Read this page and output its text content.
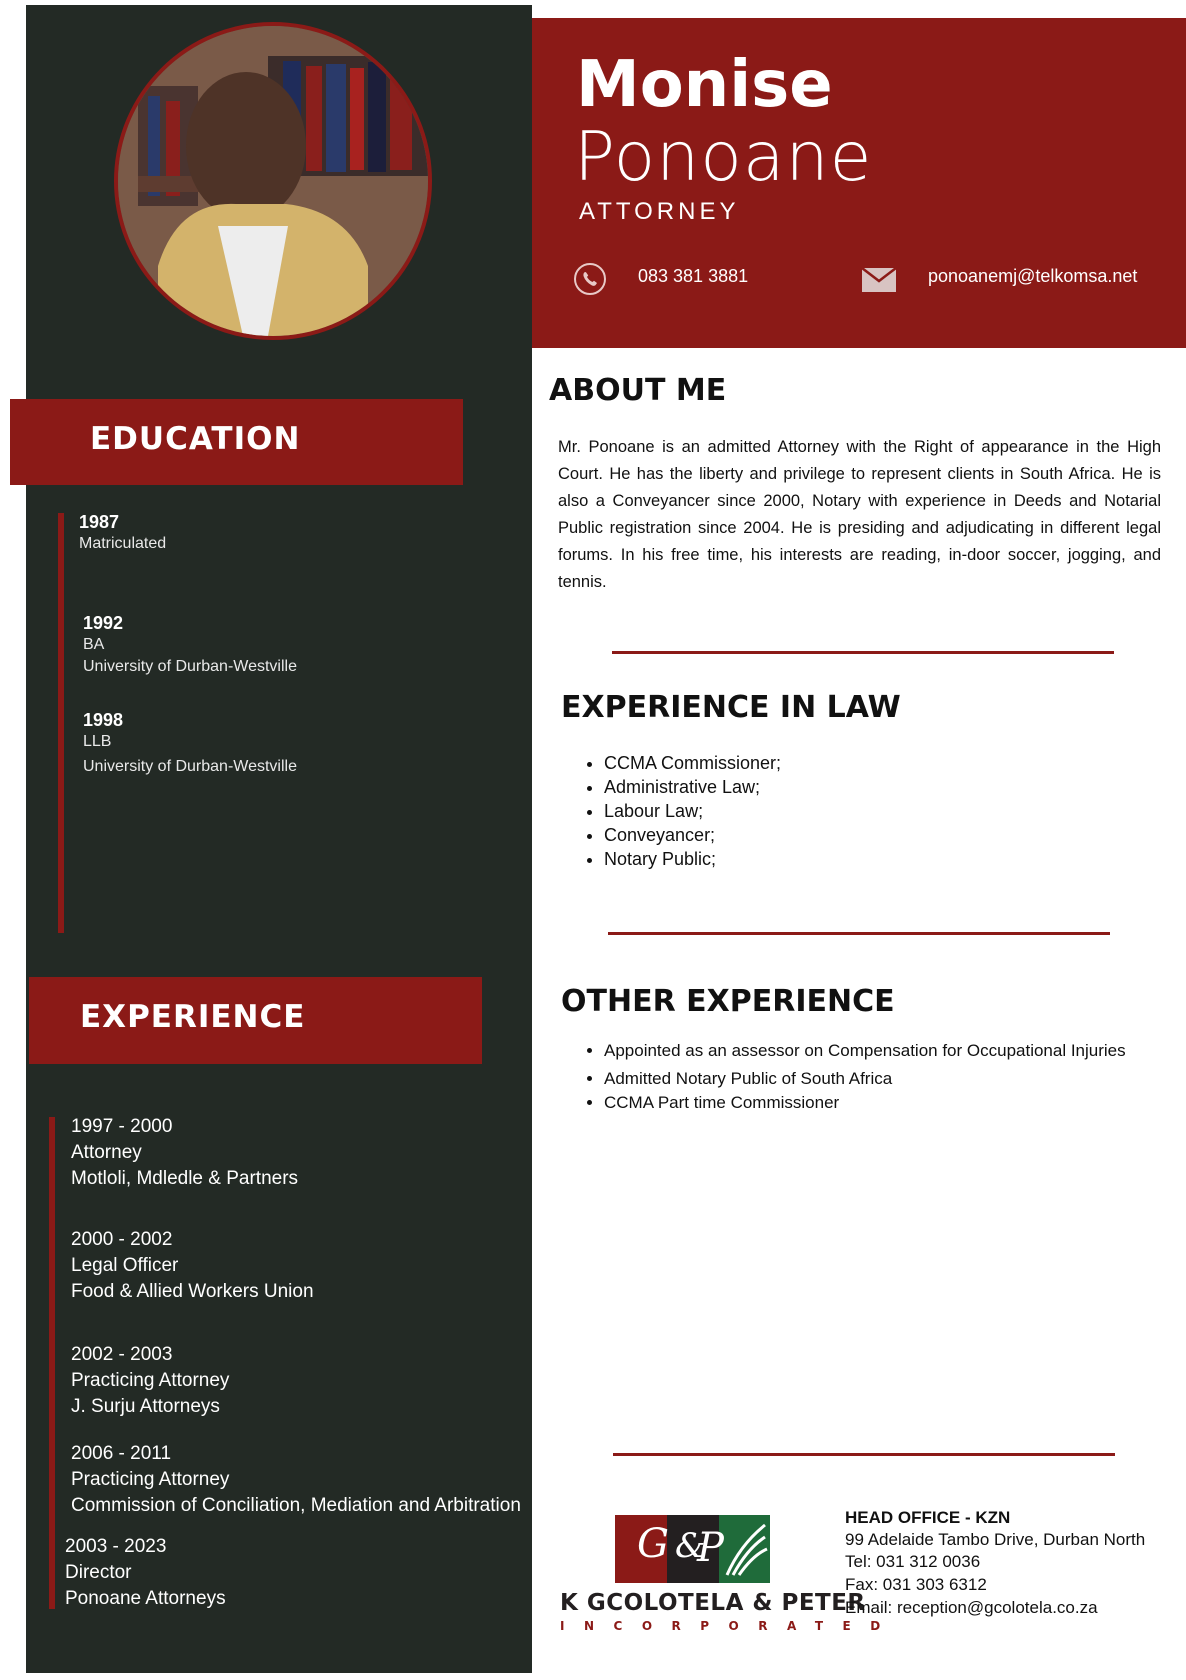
EDUCATION
1987
Matriculated
1992
BA
University of Durban-Westville
1998
LLB
University of Durban-Westville
EXPERIENCE
1997 - 2000
Attorney
Motloli, Mdledle & Partners
2000 - 2002
Legal Officer
Food & Allied Workers Union
2002 - 2003
Practicing Attorney
J. Surju Attorneys
2006 - 2011
Practicing Attorney
Commission of Conciliation, Mediation and Arbitration
2003 - 2023
Director
Ponoane Attorneys
Monise
Ponoane
ATTORNEY
083 381 3881	ponoanemj@telkomsa.net
ABOUT ME
Mr. Ponoane is an admitted Attorney with the Right of appearance in the High Court. He has the liberty and privilege to represent clients in South Africa. He is also a Conveyancer since 2000, Notary with experience in Deeds and Notarial Public registration since 2004. He is presiding and adjudicating in different legal forums. In his free time, his interests are reading, in-door soccer, jogging, and tennis.
EXPERIENCE IN LAW
• CCMA Commissioner;
• Administrative Law;
• Labour Law;
• Conveyancer;
• Notary Public;
OTHER EXPERIENCE
• Appointed as an assessor on Compensation for Occupational Injuries
• Admitted Notary Public of South Africa
• CCMA Part time Commissioner
G &
P
K GCOLOTELA & PETER
INCORPORATED
HEAD OFFICE - KZN
99 Adelaide Tambo Drive, Durban North
Tel: 031 312 0036
Fax: 031 303 6312
Email: reception@gcolotela.co.za
